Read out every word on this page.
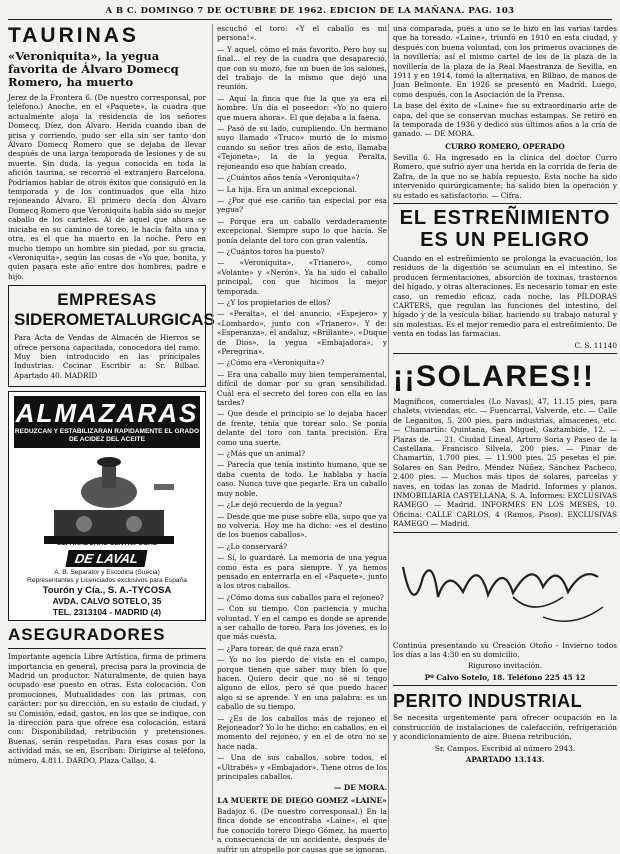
A B C. DOMINGO 7 DE OCTUBRE DE 1962. EDICION DE LA MAÑANA. PAG. 103
TAURINAS
«Veroniquita», la yegua favorita de Álvaro Domecq Romero, ha muerto

Jerez de la Frontera 6. (De nuestro corresponsal, por teléfono.) Anoche, en el «Paquete», la cuadra que actualmente aloja la residencia de los señores Domecq, Díez, don Álvaro. Herida cuando iban de prisa y corriendo, pudo ser ella sin ser tanto don Álvaro Domecq Romero que se dejaba de llevar después de una larga temporada de lesiones y de su muerte. Sin duda, la yegua conocida en toda la afición taurina, se recorrió el extranjero Barcelona. Podríamos hablar de otros éxitos que consiguió en la temporada y de los continuados que ella hizo rejoneando Álvaro. El primero decía don Álvaro Domecq Romero que Veroniquita había sido su mejor caballo de los carteles. Al de aquel que ahora se iniciaba en su camino de toreo, le hacía falta una y otra, es el que ha muerto en la noche. Pero en mucho tiempo un hombre sin piedad, por su gracia, «Veroniquita», según las cosas de «Yo que, bonita, y quien pasara este año entre dos hombres, padre e hijo.

EMPRESAS
SIDEROMETALURGICAS

Para Acta de Vendas de Almacén de Hierros se ofrece persona capacitada, conocedora del ramo. Muy bien introducido en las principales Industrias. Cocinar Escribir a: Sr. Bilbao. Apartado 40. MADRID

ALMAZARAS
REDUZCAN Y ESTABILIZARAN RAPIDAMENTE EL GRADO DE ACIDEZ DEL ACEITE
SEPARADORAS CENTRIFUGAS
DE LAVAL
A. B. Separator y Escodina (Suecia)
Representantes y Licenciados exclusivos para España
Tourón y Cía., S. A.-TYCOSA
AVDA. CALVO SOTELO, 35
TEL. 2313104 - MADRID (4)
ASEGURADORES

Importante agencia Libre Artística, firma de primera importancia en general, precisa para la provincia de Madrid un productor. Naturalmente, de quien haya ocupado ese puesto en otras. Esta colocación. Con promociones, Mutualidades con las primas, con carácter: por su dirección, en su estado de ciudad, y su Comisión, edad, gastos, en los que se indique, con la dirección para que ofrece esa colocación, estará con: Disponibilidad, retribución y pretensiones. Buenas, serán respetadas. Para esas cosas por la actividad más, se en, Escriban: Dirigirse al teléfono, número. 4.811. DARDO, Plaza Callao, 4.

escuchó el toro: «Y el caballo es mi persona!».

— Y aquel, cómo el más favorito. Pero hoy su final... el rey de la cuadra que desapareció, que con su mozo, fue un buen de los salones, del trabajo de la mismo que dejó una reunión.

— Aquí la finca que fue la que ya era el hombre. Un día el poseedor: «Yo no quiero que muera ahora». El que dejaba a la faena.

— Pasó de su lado, cumpliendo. Un hermano suyo llamado «Truco» murió de lo mismo cuando su señor tres años de esto, llamaba «Tejoneta», la de la yegua Peralta, rejoneando eso que habían creado.

— ¿Cuántos años tenía «Veroniquita»?

— La hija. Era un animal excepcional.

— ¿Por qué ese cariño tan especial por esa yegua?

— Porque era un caballo verdaderamente excepcional. Siempre supo lo que hacía. Se ponía delante del toro con gran valentía.

— ¿Cuántos toros ha puesto?

— «Veroniquita», «Trianero», como «Volante» y «Nerón». Ya ha sido el caballo principal, con que hicimos la mejor temporada.

— ¿Y los propietarios de ellos?

— «Peralta», el del anuncio, «Espejero» y «Lombardo», junto con «Trianero». Y de: «Esperanza», el andaluz, «Brillante», «Duque de Dios», la yegua «Embajadora», y «Peregrina».

— ¿Cómo era «Veroniquita»?

— Era una caballo muy bien temperamental, difícil de domar por su gran sensibilidad. Cuál era el secreto del toreo con ella en las tardes?

— Que desde el principio se lo dejaba hacer de frente, tenía que torear solo. Se ponía delante del toro con tanta precisión. Era como una suerte.

— ¿Más que un animal?

— Parecía que tenía instinto humano, que se daba cuenta de todo. Le hablaba y hacía caso. Nunca tuve que pegarle. Era un caballo muy noble.

— ¿Le dejó recuerdo de la yegua?

— Desde que me puse sobre ella, supo que ya no volvería. Hoy me ha dicho: «es el destino de los buenos caballos».

— ¿Lo conservará?

— Sí, lo guardaré. La memoria de una yegua como ésta es para siempre. Y ya hemos pensado en enterrarla en el «Paquete», junto a los otros caballos.

— ¿Cómo doma sus caballos para el rejoneo?

— Con su tiempo. Con paciencia y mucha voluntad. Y en el campo es donde se aprende a ser caballo de toreo. Para los jóvenes, es lo que más cuesta.

— ¿Para torear, de qué raza eran?

— Yo no los pierdo de vista en el campo, porque tienen que saber muy bien lo que hacen. Quiero decir que no sé si tengo alguno de ellos, pero sé que puedo hacer algo si se aprende. Y en una palabra: es un caballo de su tiempo.

— ¿Es de los caballos más de rejoneo el Rejoneador? Yo lo he dicho: en caballos, en el momento del rejoneo, y en el de otro no se hace nada.

— Una de sus caballos, sobre todos, el «Ultrabés» y «Embajador». Tiene otros de los principales caballos.

— DE MORA.

LA MUERTE DE DIEGO GOMEZ «LAINE»

Badajoz 6. (De nuestro corresponsal.) En la finca donde se encontraba «Laine», el que fue conocido torero Diego Gómez, ha muerto a consecuencia de un accidente, después de sufrir un atropello por causas que se ignoran.

una comparada, pues a uno se le hizo en las varias tardes que ha toreado. «Laine», triunfó en 1910 en esta ciudad, y después con buena voluntad, con los primeros ovaciones de la novillería; así el mismo cartel de los de la plaza de la novillería de la plaza de la Real Maestranza de Sevilla, en 1911 y en 1914, tomó la alternativa, en Bilbao, de manos de Juan Belmonte. En 1926 se presentó en Madrid. Luego, como después, con la Asociación de la Prensa.

La base del éxito de «Laine» fue su extraordinario arte de capa, del que se conservan muchas estampas. Se retiró en la temporada de 1936 y dedicó sus últimos años a la cría de ganado. — DE MORA.

CURRO ROMERO, OPERADO

Sevilla 6. Ha ingresado en la clínica del doctor Curro Romero, que sufrió ayer una herida en la corrida de feria de Zafra, de la que no se había repuesto. Esta noche ha sido intervenido quirúrgicamente; ha salido bien la operación y su estado es satisfactorio. — Cifra.

EL ESTREÑIMIENTO
ES UN PELIGRO

Cuando en el estreñimiento se prolonga la evacuación, los residuos de la digestión se acumulan en el intestino. Se producen fermentaciones, absorción de toxinas, trastornos del hígado, y otras alteraciones. Es necesario tomar en este caso, un remedio eficaz, cada noche, las PÍLDORAS CARTERS, que regulan las funciones del intestino, del hígado y de la vesícula biliar, haciendo su trabajo natural y sin molestias. Es el mejor remedio para el estreñimiento. De venta en todas las farmacias.

C. S. 11140

¡¡SOLARES!!

Magníficos, comerciales (Lo Navas), 47, 11.15 pies, para chalets, viviendas, etc. — Fuencarral, Valverde, etc. — Calle de Leganitos, 5. 200 pies, para industrias, almacenes, etc. — Chamartín: Quintana, San Miguel, Gaztambide, 12. — Plazas de. — 21. Ciudad Lineal, Arturo Soria y Paseo de la Castellana. Francisco Silvela, 200 pies. — Pinar de Chamartín, 1.700 pies. — 11.900 pies. 25 pesetas el pie. Solares en San Pedro, Méndez Núñez, Sánchez Pacheco, 2.400 pies. — Muchos más tipos de solares, parcelas y naves, en todas las zonas de Madrid. Informes y planos. INMOBILIARIA CASTELLANA, S. A. Informes: EXCLUSIVAS RAMEGO — Madrid. INFORMES EN LOS MESES, 10. Oficina: CALLE CARLOS, 4 (Ramos, Pisos). EXCLUSIVAS RAMEGO — Madrid.

Continúa presentando su Creación Otoño - Invierno todos los días a las 4:30 en su domicilio.

Riguroso invitación.

Pº Calvo Sotelo, 18. Teléfono 225 45 12

PERITO INDUSTRIAL

Se necesita urgentemente para ofrecer ocupación en la construcción de instalaciones de calefacción, refrigeración y acondicionamiento de aire. Buena retribución.

Sr. Campos. Escribid al número 2943.

APARTADO 13.143.
